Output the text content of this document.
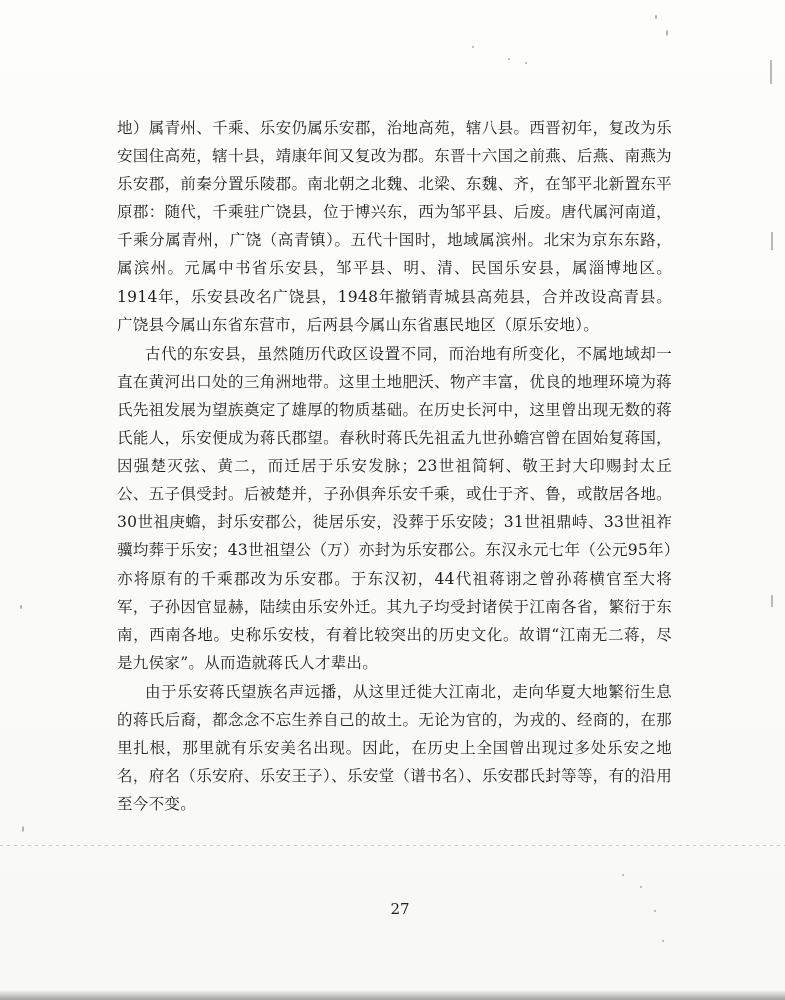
地）属青州、千乘、乐安仍属乐安郡，治地高苑，辖八县。西晋初年，复改为乐安国住高苑，辖十县，靖康年间又复改为郡。东晋十六国之前燕、后燕、南燕为乐安郡，前秦分置乐陵郡。南北朝之北魏、北梁、东魏、齐，在邹平北新置东平原郡：随代，千乘驻广饶县，位于博兴东，西为邹平县、后废。唐代属河南道，千乘分属青州，广饶（高青镇）。五代十国时，地域属滨州。北宋为京东东路，属滨州。元属中书省乐安县，邹平县、明、清、民国乐安县，属淄博地区。1914年，乐安县改名广饶县，1948年撤销青城县高苑县，合并改设高青县。广饶县今属山东省东营市，后两县今属山东省惠民地区（原乐安地）。

古代的东安县，虽然随历代政区设置不同，而治地有所变化，不属地域却一直在黄河出口处的三角洲地带。这里土地肥沃、物产丰富，优良的地理环境为蒋氏先祖发展为望族奠定了雄厚的物质基础。在历史长河中，这里曾出现无数的蒋氏能人，乐安便成为蒋氏郡望。春秋时蒋氏先祖孟九世孙蟾宫曾在固始复蒋国，因强楚灭弦、黄二，而迁居于乐安发脉；23世祖简轲、敬王封大印赐封太丘公、五子俱受封。后被楚并，子孙俱奔乐安千乘，或仕于齐、鲁，或散居各地。30世祖庚蟾，封乐安郡公，徙居乐安，没葬于乐安陵；31世祖鼎峙、33世祖祚骥均葬于乐安；43世祖望公（万）亦封为乐安郡公。东汉永元七年（公元95年）亦将原有的千乘郡改为乐安郡。于东汉初，44代祖蒋诩之曾孙蒋横官至大将军，子孙因官显赫，陆续由乐安外迁。其九子均受封诸侯于江南各省，繁衍于东南，西南各地。史称乐安枝，有着比较突出的历史文化。故谓“江南无二蒋，尽是九侯家”。从而造就蒋氏人才辈出。

由于乐安蒋氏望族名声远播，从这里迁徙大江南北，走向华夏大地繁衍生息的蒋氏后裔，都念念不忘生养自己的故土。无论为官的，为戎的、经商的，在那里扎根，那里就有乐安美名出现。因此，在历史上全国曾出现过多处乐安之地名，府名（乐安府、乐安王子）、乐安堂（谱书名）、乐安郡氏封等等，有的沿用至今不变。

27
